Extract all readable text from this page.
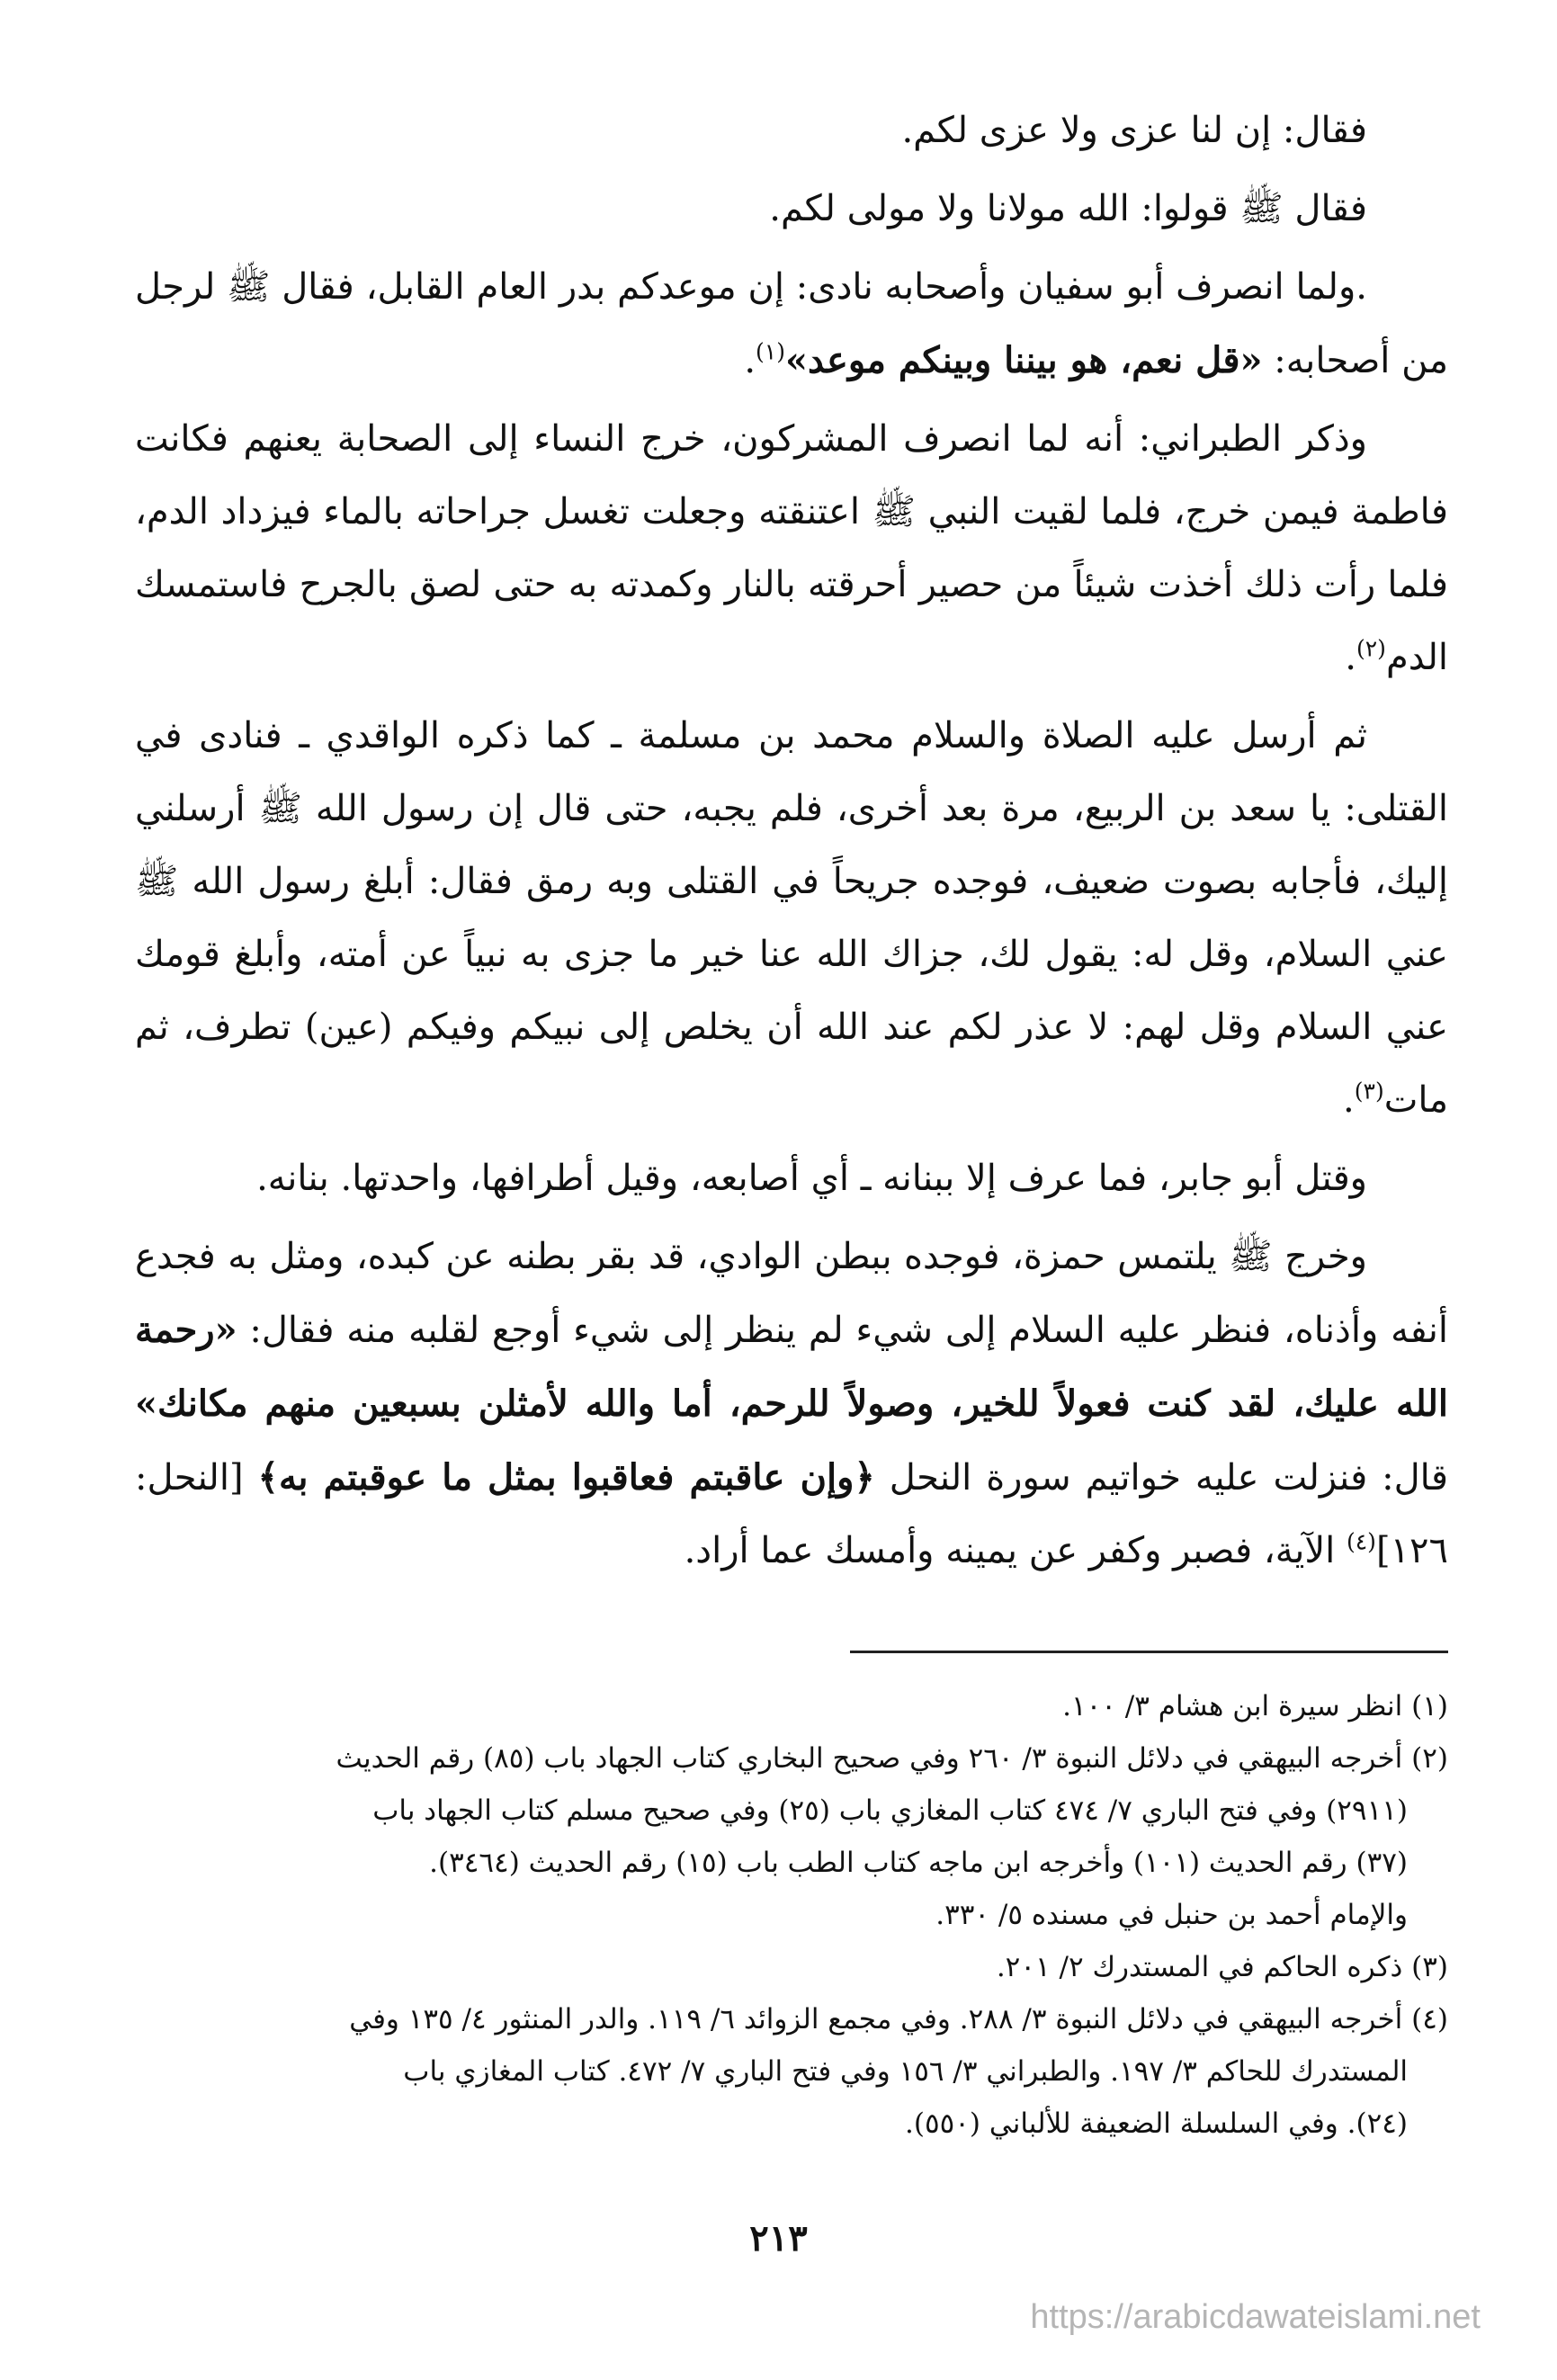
فقال: إن لنا عزى ولا عزى لكم.

فقال ﷺ قولوا: الله مولانا ولا مولى لكم.

.ولما انصرف أبو سفيان وأصحابه نادى: إن موعدكم بدر العام القابل، فقال ﷺ لرجل من أصحابه: «قل نعم، هو بيننا وبينكم موعد»$^{(١)}$.

وذكر الطبراني: أنه لما انصرف المشركون، خرج النساء إلى الصحابة يعنهم فكانت فاطمة فيمن خرج، فلما لقيت النبي ﷺ اعتنقته وجعلت تغسل جراحاته بالماء فيزداد الدم، فلما رأت ذلك أخذت شيئاً من حصير أحرقته بالنار وكمدته به حتى لصق بالجرح فاستمسك الدم$^{(٢)}$.

ثم أرسل عليه الصلاة والسلام محمد بن مسلمة ـ كما ذكره الواقدي ـ فنادى في القتلى: يا سعد بن الربيع، مرة بعد أخرى، فلم يجبه، حتى قال إن رسول الله ﷺ أرسلني إليك، فأجابه بصوت ضعيف، فوجده جريحاً في القتلى وبه رمق فقال: أبلغ رسول الله ﷺ عني السلام، وقل له: يقول لك، جزاك الله عنا خير ما جزى به نبياً عن أمته، وأبلغ قومك عني السلام وقل لهم: لا عذر لكم عند الله أن يخلص إلى نبيكم وفيكم (عين) تطرف، ثم مات$^{(٣)}$.

وقتل أبو جابر، فما عرف إلا ببنانه ـ أي أصابعه، وقيل أطرافها، واحدتها. بنانه.

وخرج ﷺ يلتمس حمزة، فوجده ببطن الوادي، قد بقر بطنه عن كبده، ومثل به فجدع أنفه وأذناه، فنظر عليه السلام إلى شيء لم ينظر إلى شيء أوجع لقلبه منه فقال: «رحمة الله عليك، لقد كنت فعولاً للخير، وصولاً للرحم، أما والله لأمثلن بسبعين منهم مكانك» قال: فنزلت عليه خواتيم سورة النحل ﴿وإن عاقبتم فعاقبوا بمثل ما عوقبتم به﴾ [النحل: ١٢٦]$^{(٤)}$ الآية، فصبر وكفر عن يمينه وأمسك عما أراد.

(١) انظر سيرة ابن هشام ٣/ ١٠٠.
(٢) أخرجه البيهقي في دلائل النبوة ٣/ ٢٦٠ وفي صحيح البخاري كتاب الجهاد باب (٨٥) رقم الحديث
(٢٩١١) وفي فتح الباري ٧/ ٤٧٤ كتاب المغازي باب (٢٥) وفي صحيح مسلم كتاب الجهاد باب
(٣٧) رقم الحديث (١٠١) وأخرجه ابن ماجه كتاب الطب باب (١٥) رقم الحديث (٣٤٦٤).
والإمام أحمد بن حنبل في مسنده ٥/ ٣٣٠.
(٣) ذكره الحاكم في المستدرك ٢/ ٢٠١.
(٤) أخرجه البيهقي في دلائل النبوة ٣/ ٢٨٨. وفي مجمع الزوائد ٦/ ١١٩. والدر المنثور ٤/ ١٣٥ وفي
المستدرك للحاكم ٣/ ١٩٧. والطبراني ٣/ ١٥٦ وفي فتح الباري ٧/ ٤٧٢. كتاب المغازي باب
(٢٤). وفي السلسلة الضعيفة للألباني (٥٥٠).
٢١٣
https://arabicdawateislami.net
